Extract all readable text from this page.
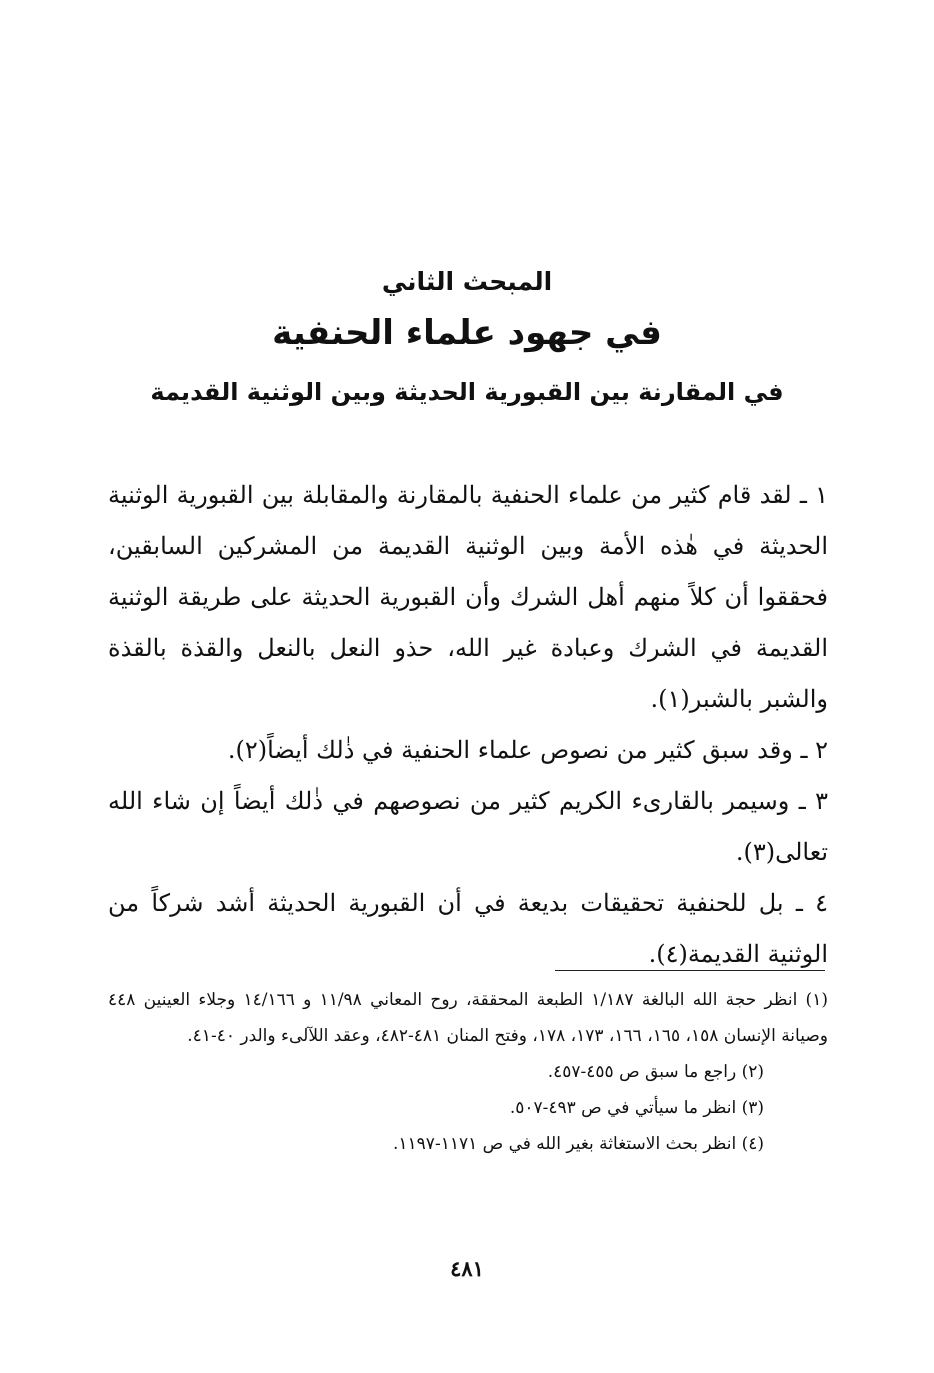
المبحث الثاني
في جهود علماء الحنفية
في المقارنة بين القبورية الحديثة وبين الوثنية القديمة

١ ـ لقد قام كثير من علماء الحنفية بالمقارنة والمقابلة بين القبورية الوثنية الحديثة في هٰذه الأمة وبين الوثنية القديمة من المشركين السابقين، فحققوا أن كلاً منهم أهل الشرك وأن القبورية الحديثة على طريقة الوثنية القديمة في الشرك وعبادة غير الله، حذو النعل بالنعل والقذة بالقذة والشبر بالشبر(١).

٢ ـ وقد سبق كثير من نصوص علماء الحنفية في ذٰلك أيضاً(٢).

٣ ـ وسيمر بالقارىء الكريم كثير من نصوصهم في ذٰلك أيضاً إن شاء الله تعالى(٣).

٤ ـ بل للحنفية تحقيقات بديعة في أن القبورية الحديثة أشد شركاً من الوثنية القديمة(٤).

(١) انظر حجة الله البالغة ١/١٨٧ الطبعة المحققة، روح المعاني ١١/٩٨ و ١٤/١٦٦ وجلاء العينين ٤٤٨ وصيانة الإنسان ١٥٨، ١٦٥، ١٦٦، ١٧٣، ١٧٨، وفتح المنان ٤٨١-٤٨٢، وعقد اللآلىء والدر ٤٠-٤١.

(٢) راجع ما سبق ص ٤٥٥-٤٥٧.

(٣) انظر ما سيأتي في ص ٤٩٣-٥٠٧.

(٤) انظر بحث الاستغاثة بغير الله في ص ١١٧١-١١٩٧.

٤٨١
